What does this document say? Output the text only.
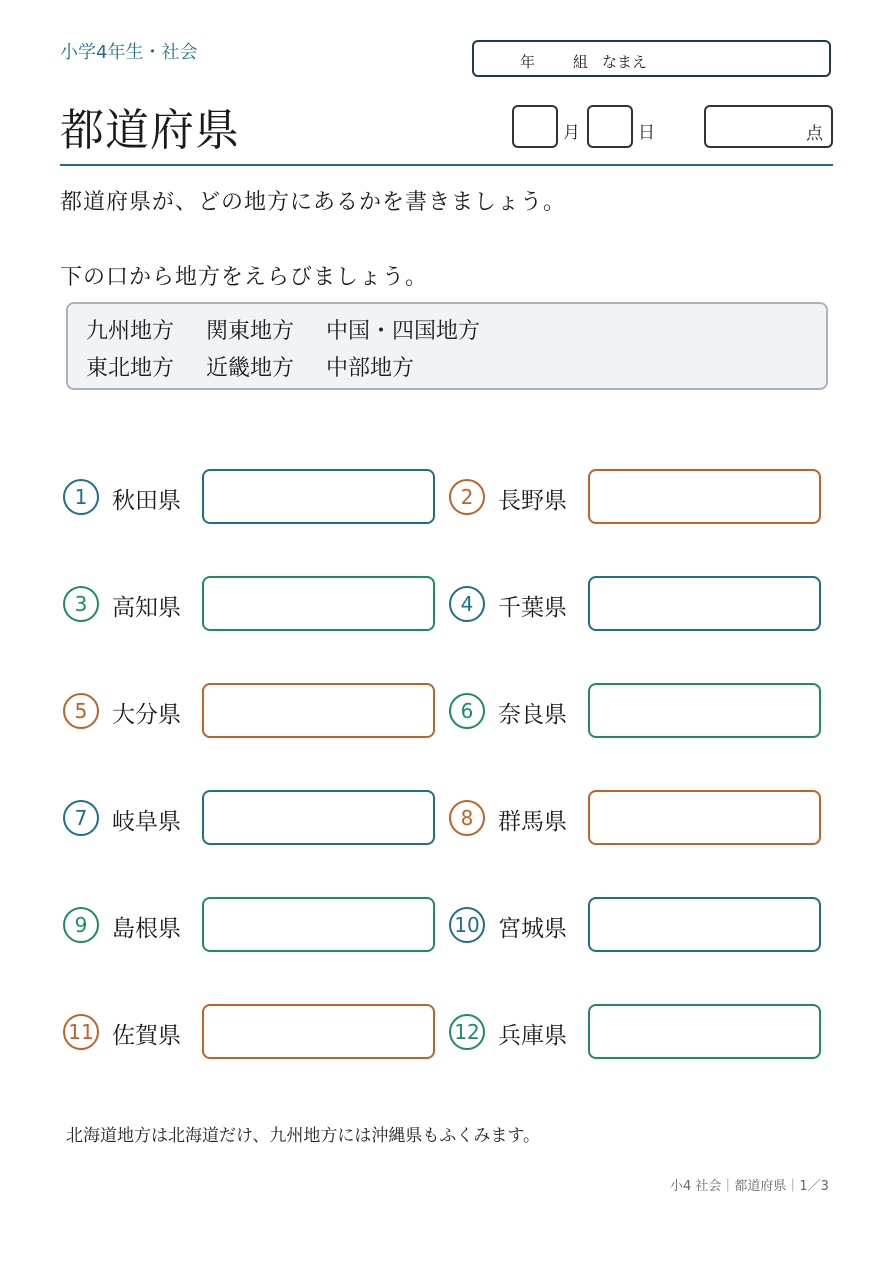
小学4年生・社会	年	組 なまえ
都道府県	月	日	点
都道府県が、どの地方にあるかを書きましょう。
下の口から地方をえらびましょう。
九州地方 関東地方 中国・四国地方
東北地方 近畿地方 中部地方
1	秋田県	2	長野県
3	高知県	4	千葉県
5	大分県	6	奈良県
7	岐阜県	8	群馬県
9	島根県	10 宮城県
11 佐賀県	12 兵庫県
北海道地方は北海道だけ、九州地方には沖縄県もふくみます。
小4 社会｜都道府県｜1／3
